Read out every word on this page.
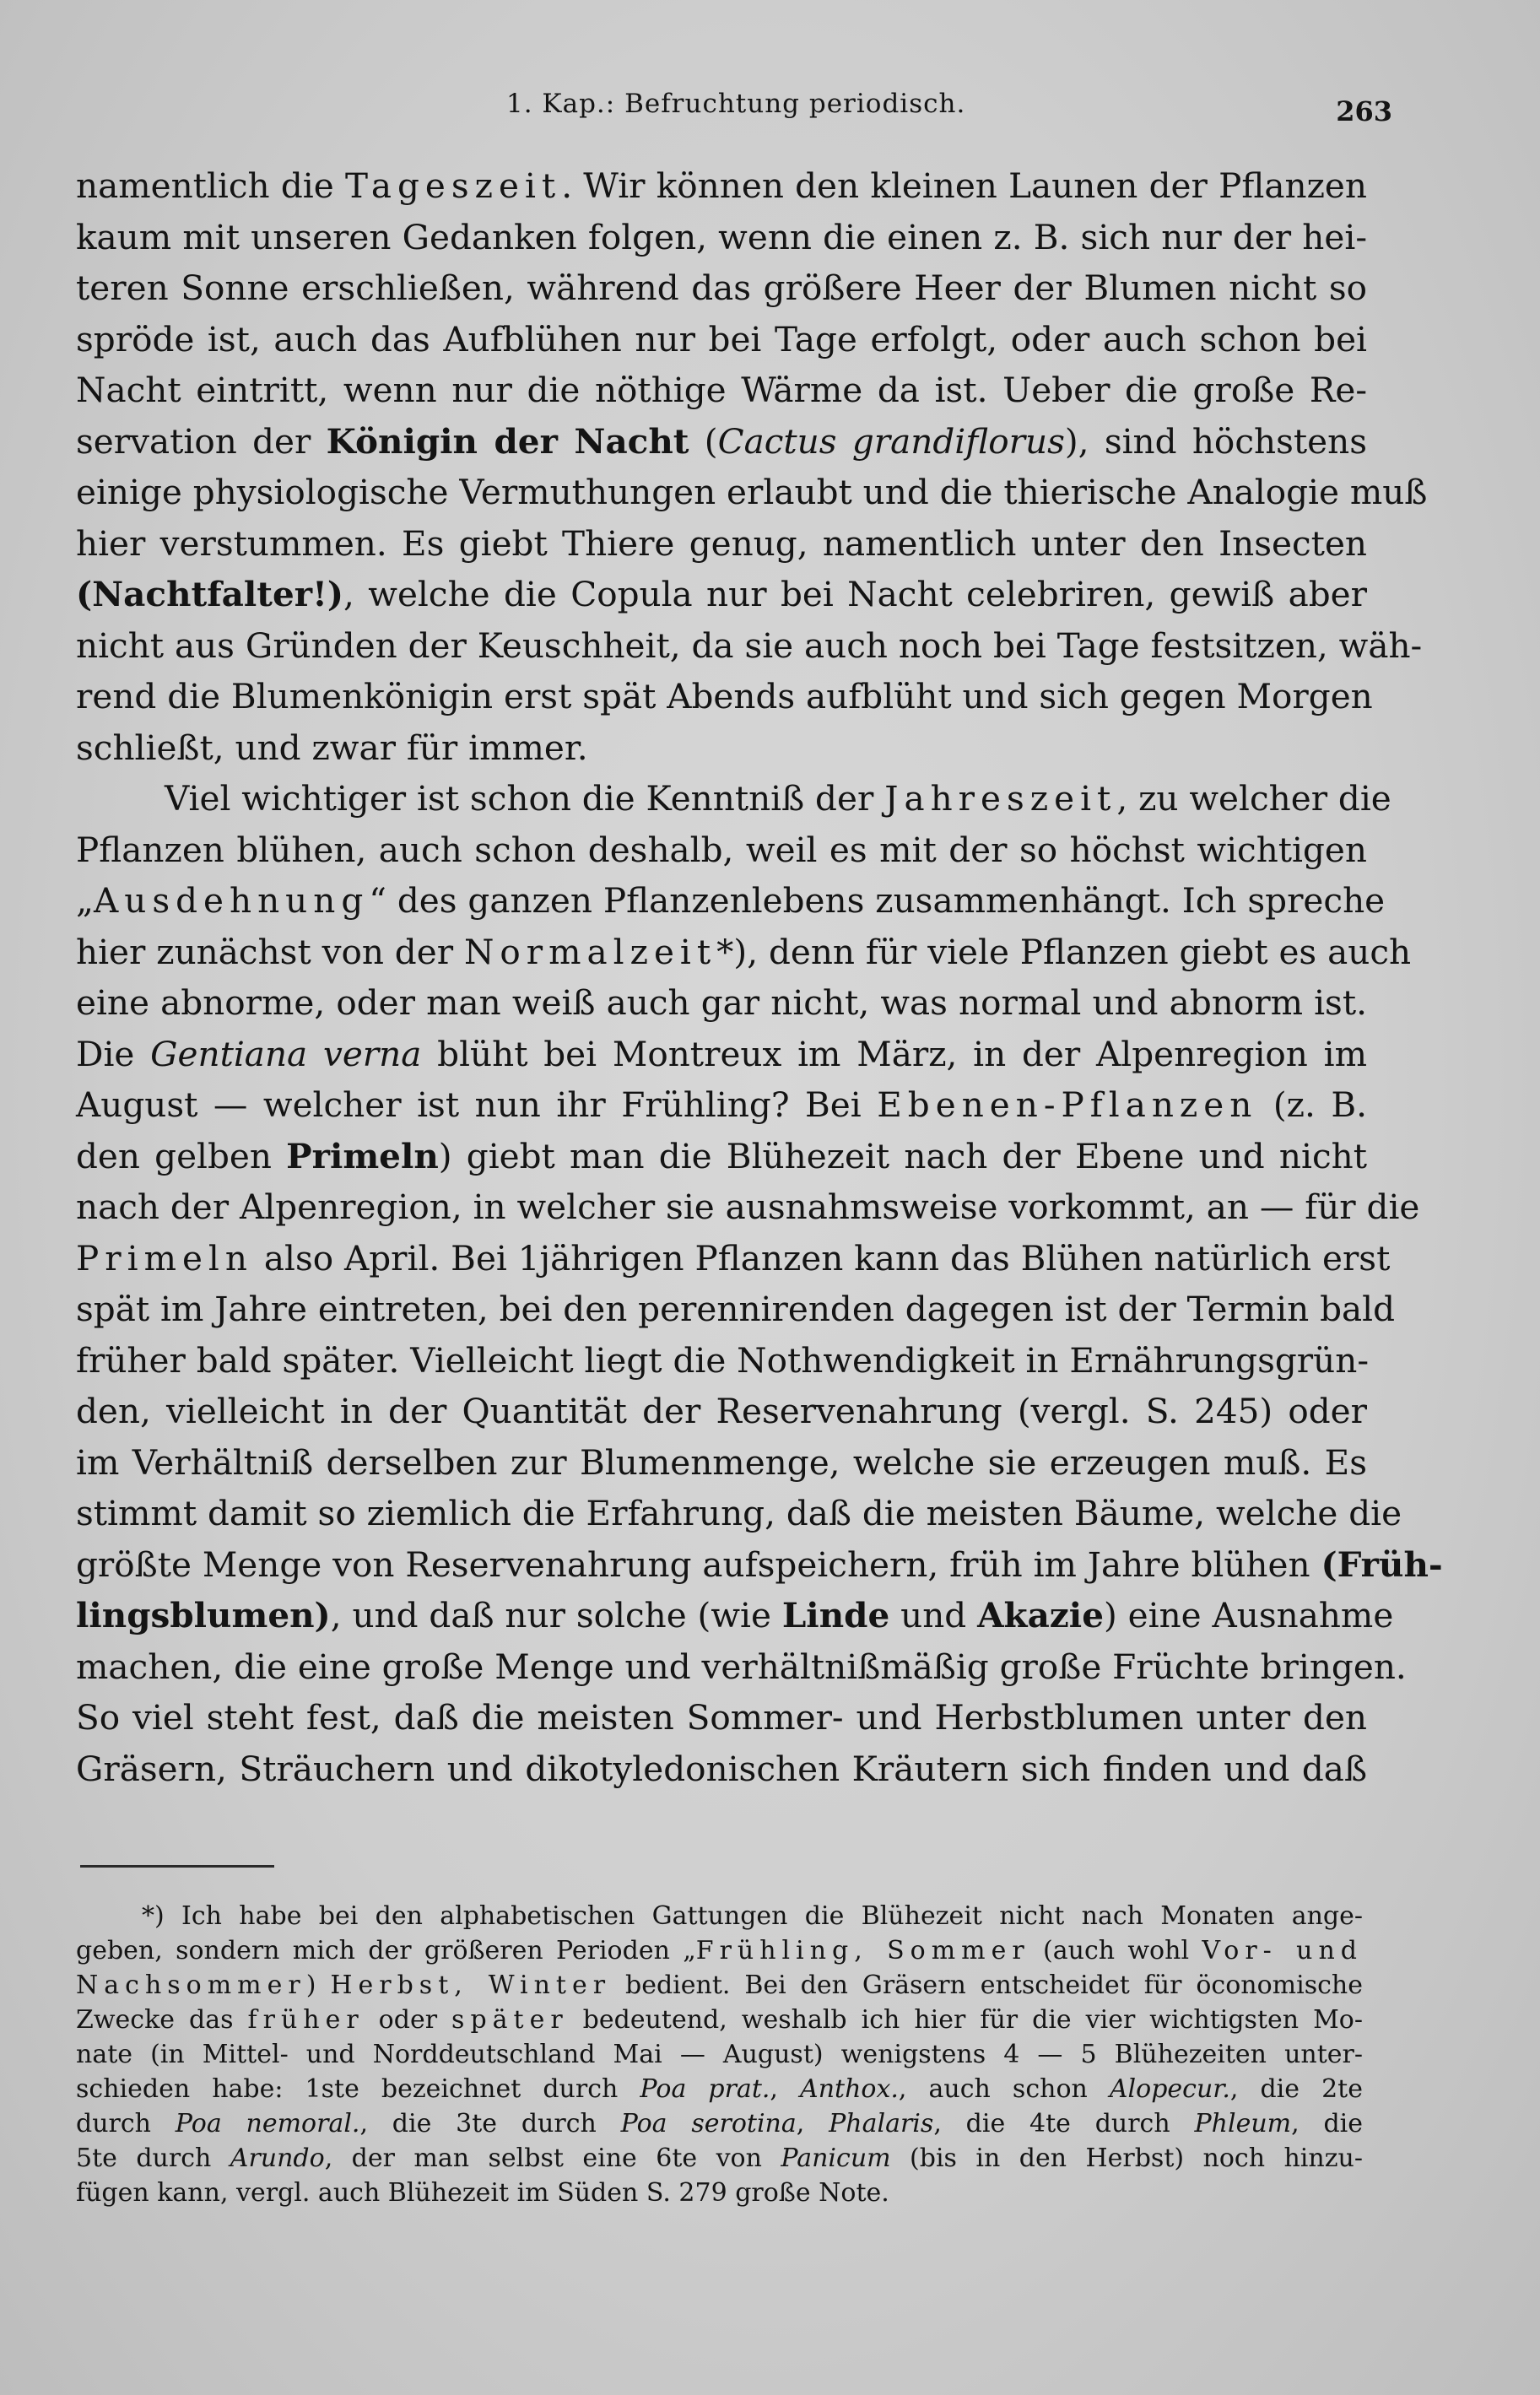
1. Kap.: Befruchtung periodisch.	263
namentlich die Tageszeit. Wir können den kleinen Launen der Pflanzen
kaum mit unseren Gedanken folgen, wenn die einen z. B. sich nur der hei-
teren Sonne erschließen, während das größere Heer der Blumen nicht so
spröde ist, auch das Aufblühen nur bei Tage erfolgt, oder auch schon bei
Nacht eintritt, wenn nur die nöthige Wärme da ist. Ueber die große Re-
servation der Königin der Nacht (Cactus grandiflorus), sind höchstens
einige physiologische Vermuthungen erlaubt und die thierische Analogie muß
hier verstummen. Es giebt Thiere genug, namentlich unter den Insecten
(Nachtfalter!), welche die Copula nur bei Nacht celebriren, gewiß aber
nicht aus Gründen der Keuschheit, da sie auch noch bei Tage festsitzen, wäh-
rend die Blumenkönigin erst spät Abends aufblüht und sich gegen Morgen
schließt, und zwar für immer.
Viel wichtiger ist schon die Kenntniß der Jahreszeit, zu welcher die
Pflanzen blühen, auch schon deshalb, weil es mit der so höchst wichtigen
„Ausdehnung“ des ganzen Pflanzenlebens zusammenhängt. Ich spreche
hier zunächst von der Normalzeit*), denn für viele Pflanzen giebt es auch
eine abnorme, oder man weiß auch gar nicht, was normal und abnorm ist.
Die Gentiana verna blüht bei Montreux im März, in der Alpenregion im
August — welcher ist nun ihr Frühling? Bei Ebenen-Pflanzen (z. B.
den gelben Primeln) giebt man die Blühezeit nach der Ebene und nicht
nach der Alpenregion, in welcher sie ausnahmsweise vorkommt, an — für die
Primeln also April. Bei 1jährigen Pflanzen kann das Blühen natürlich erst
spät im Jahre eintreten, bei den perennirenden dagegen ist der Termin bald
früher bald später. Vielleicht liegt die Nothwendigkeit in Ernährungsgrün-
den, vielleicht in der Quantität der Reservenahrung (vergl. S. 245) oder
im Verhältniß derselben zur Blumenmenge, welche sie erzeugen muß. Es
stimmt damit so ziemlich die Erfahrung, daß die meisten Bäume, welche die
größte Menge von Reservenahrung aufspeichern, früh im Jahre blühen (Früh-
lingsblumen), und daß nur solche (wie Linde und Akazie) eine Ausnahme
machen, die eine große Menge und verhältnißmäßig große Früchte bringen.
So viel steht fest, daß die meisten Sommer- und Herbstblumen unter den
Gräsern, Sträuchern und dikotyledonischen Kräutern sich finden und daß
*) Ich habe bei den alphabetischen Gattungen die Blühezeit nicht nach Monaten ange-
geben, sondern mich der größeren Perioden „Frühling, Sommer (auch wohl Vor- und
Nachsommer) Herbst, Winter bedient. Bei den Gräsern entscheidet für öconomische
Zwecke das früher oder später bedeutend, weshalb ich hier für die vier wichtigsten Mo-
nate (in Mittel- und Norddeutschland Mai — August) wenigstens 4 — 5 Blühezeiten unter-
schieden habe: 1ste bezeichnet durch Poa prat., Anthox., auch schon Alopecur., die 2te
durch Poa nemoral., die 3te durch Poa serotina, Phalaris, die 4te durch Phleum, die
5te durch Arundo, der man selbst eine 6te von Panicum (bis in den Herbst) noch hinzu-
fügen kann, vergl. auch Blühezeit im Süden S. 279 große Note.
